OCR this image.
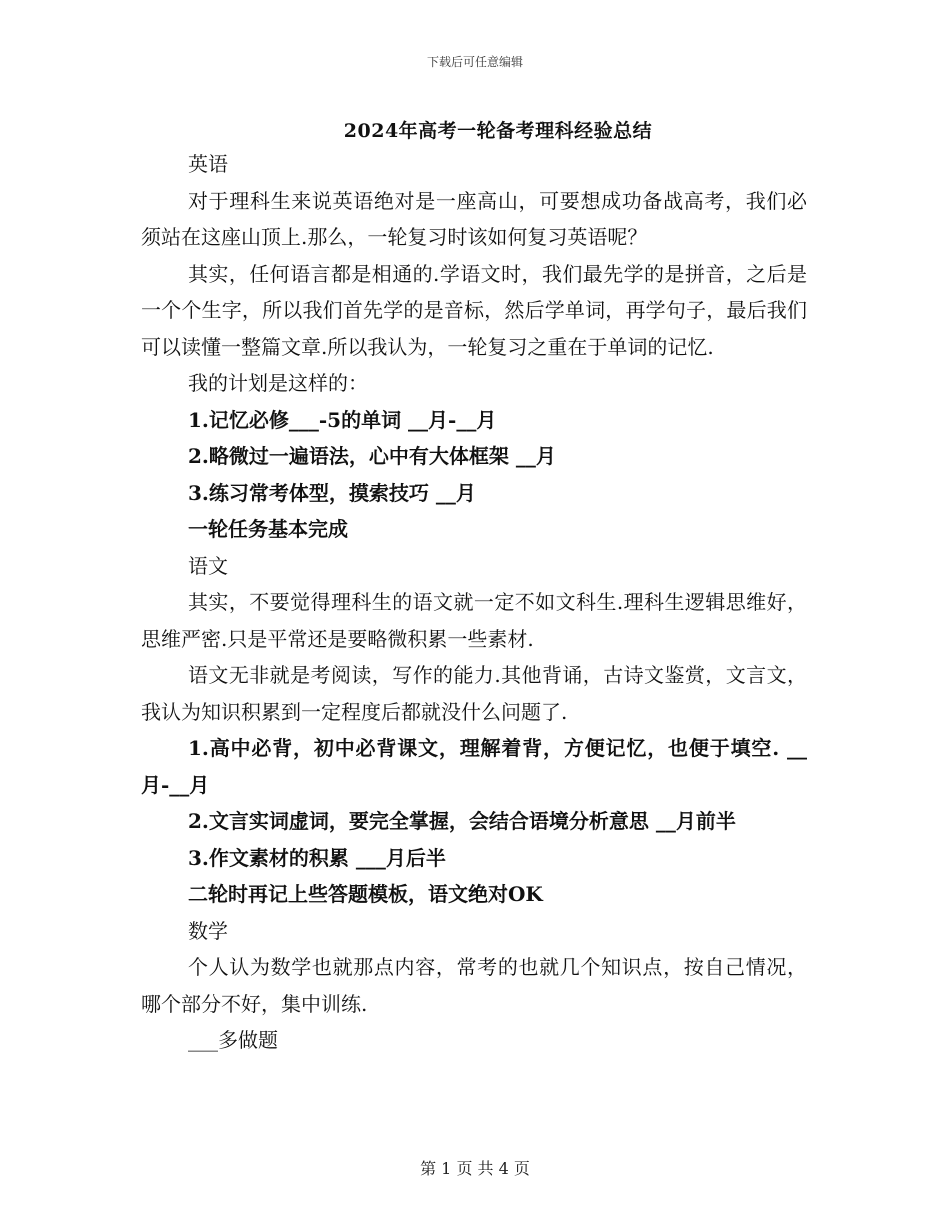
下载后可任意编辑
2024年高考一轮备考理科经验总结

英语

对于理科生来说英语绝对是一座高山，可要想成功备战高考，我们必须站在这座山顶上.那么，一轮复习时该如何复习英语呢？

其实，任何语言都是相通的.学语文时，我们最先学的是拼音，之后是一个个生字，所以我们首先学的是音标，然后学单词，再学句子，最后我们可以读懂一整篇文章.所以我认为，一轮复习之重在于单词的记忆.

我的计划是这样的：

1.记忆必修___-5的单词 __月-__月

2.略微过一遍语法，心中有大体框架 __月

3.练习常考体型，摸索技巧 __月

一轮任务基本完成

语文

其实，不要觉得理科生的语文就一定不如文科生.理科生逻辑思维好，思维严密.只是平常还是要略微积累一些素材.

语文无非就是考阅读，写作的能力.其他背诵，古诗文鉴赏，文言文，我认为知识积累到一定程度后都就没什么问题了.

1.高中必背，初中必背课文，理解着背，方便记忆，也便于填空. __月-__月

2.文言实词虚词，要完全掌握，会结合语境分析意思 __月前半

3.作文素材的积累 ___月后半

二轮时再记上些答题模板，语文绝对OK

数学

个人认为数学也就那点内容，常考的也就几个知识点，按自己情况，哪个部分不好，集中训练.

___多做题

第 1 页 共 4 页
